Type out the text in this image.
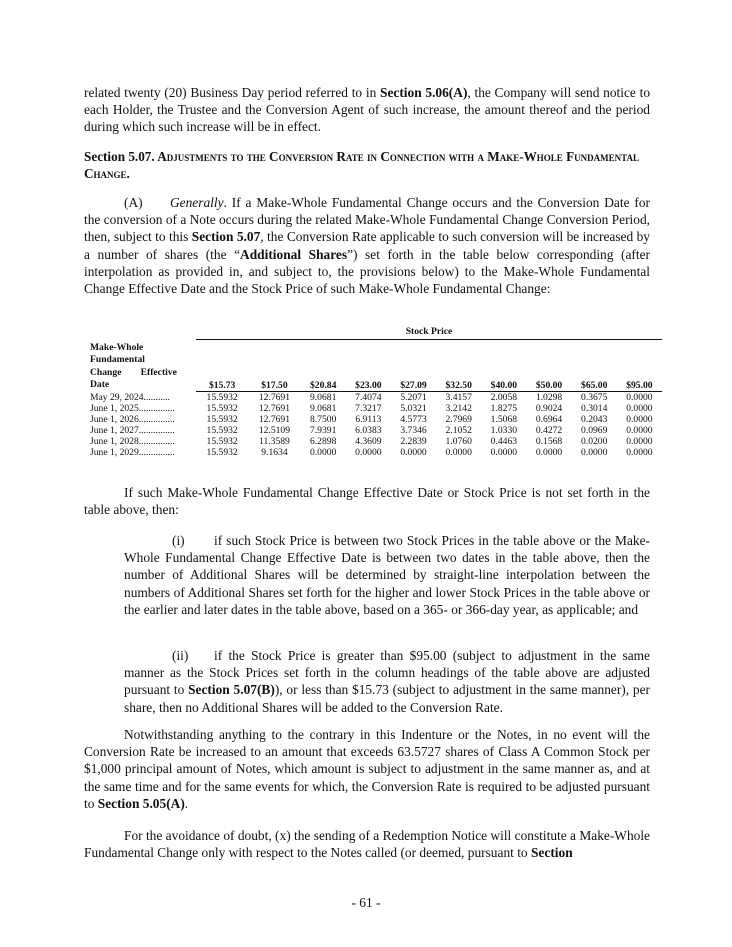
related twenty (20) Business Day period referred to in Section 5.06(A), the Company will send notice to each Holder, the Trustee and the Conversion Agent of such increase, the amount thereof and the period during which such increase will be in effect.

Section 5.07. Adjustments to the Conversion Rate in Connection with a Make-Whole Fundamental Change.

(A) Generally. If a Make-Whole Fundamental Change occurs and the Conversion Date for the conversion of a Note occurs during the related Make-Whole Fundamental Change Conversion Period, then, subject to this Section 5.07, the Conversion Rate applicable to such conversion will be increased by a number of shares (the “Additional Shares”) set forth in the table below corresponding (after interpolation as provided in, and subject to, the provisions below) to the Make-Whole Fundamental Change Effective Date and the Stock Price of such Make-Whole Fundamental Change:

	Stock Price									

Make-Whole
Fundamental
Change        Effective
Date	$15.73	$17.50	$20.84	$23.00	$27.09	$32.50	$40.00	$50.00	$65.00	$95.00
May 29, 2024...........	15.5932	12.7691	9.0681	7.4074	5.2071	3.4157	2.0058	1.0298	0.3675	0.0000
June 1, 2025...............	15.5932	12.7691	9.0681	7.3217	5.0321	3.2142	1.8275	0.9024	0.3014	0.0000
June 1, 2026...............	15.5932	12.7691	8.7500	6.9113	4.5773	2.7969	1.5068	0.6964	0.2043	0.0000
June 1, 2027...............	15.5932	12.5109	7.9391	6.0383	3.7346	2.1052	1.0330	0.4272	0.0969	0.0000
June 1, 2028...............	15.5932	11.3589	6.2898	4.3609	2.2839	1.0760	0.4463	0.1568	0.0200	0.0000
June 1, 2029...............	15.5932	9.1634	0.0000	0.0000	0.0000	0.0000	0.0000	0.0000	0.0000	0.0000

If such Make-Whole Fundamental Change Effective Date or Stock Price is not set forth in the table above, then:

(i) if such Stock Price is between two Stock Prices in the table above or the Make-Whole Fundamental Change Effective Date is between two dates in the table above, then the number of Additional Shares will be determined by straight-line interpolation between the numbers of Additional Shares set forth for the higher and lower Stock Prices in the table above or the earlier and later dates in the table above, based on a 365- or 366-day year, as applicable; and

(ii) if the Stock Price is greater than $95.00 (subject to adjustment in the same manner as the Stock Prices set forth in the column headings of the table above are adjusted pursuant to Section 5.07(B)), or less than $15.73 (subject to adjustment in the same manner), per share, then no Additional Shares will be added to the Conversion Rate.

Notwithstanding anything to the contrary in this Indenture or the Notes, in no event will the Conversion Rate be increased to an amount that exceeds 63.5727 shares of Class A Common Stock per $1,000 principal amount of Notes, which amount is subject to adjustment in the same manner as, and at the same time and for the same events for which, the Conversion Rate is required to be adjusted pursuant to Section 5.05(A).

For the avoidance of doubt, (x) the sending of a Redemption Notice will constitute a Make-Whole Fundamental Change only with respect to the Notes called (or deemed, pursuant to Section

- 61 -
